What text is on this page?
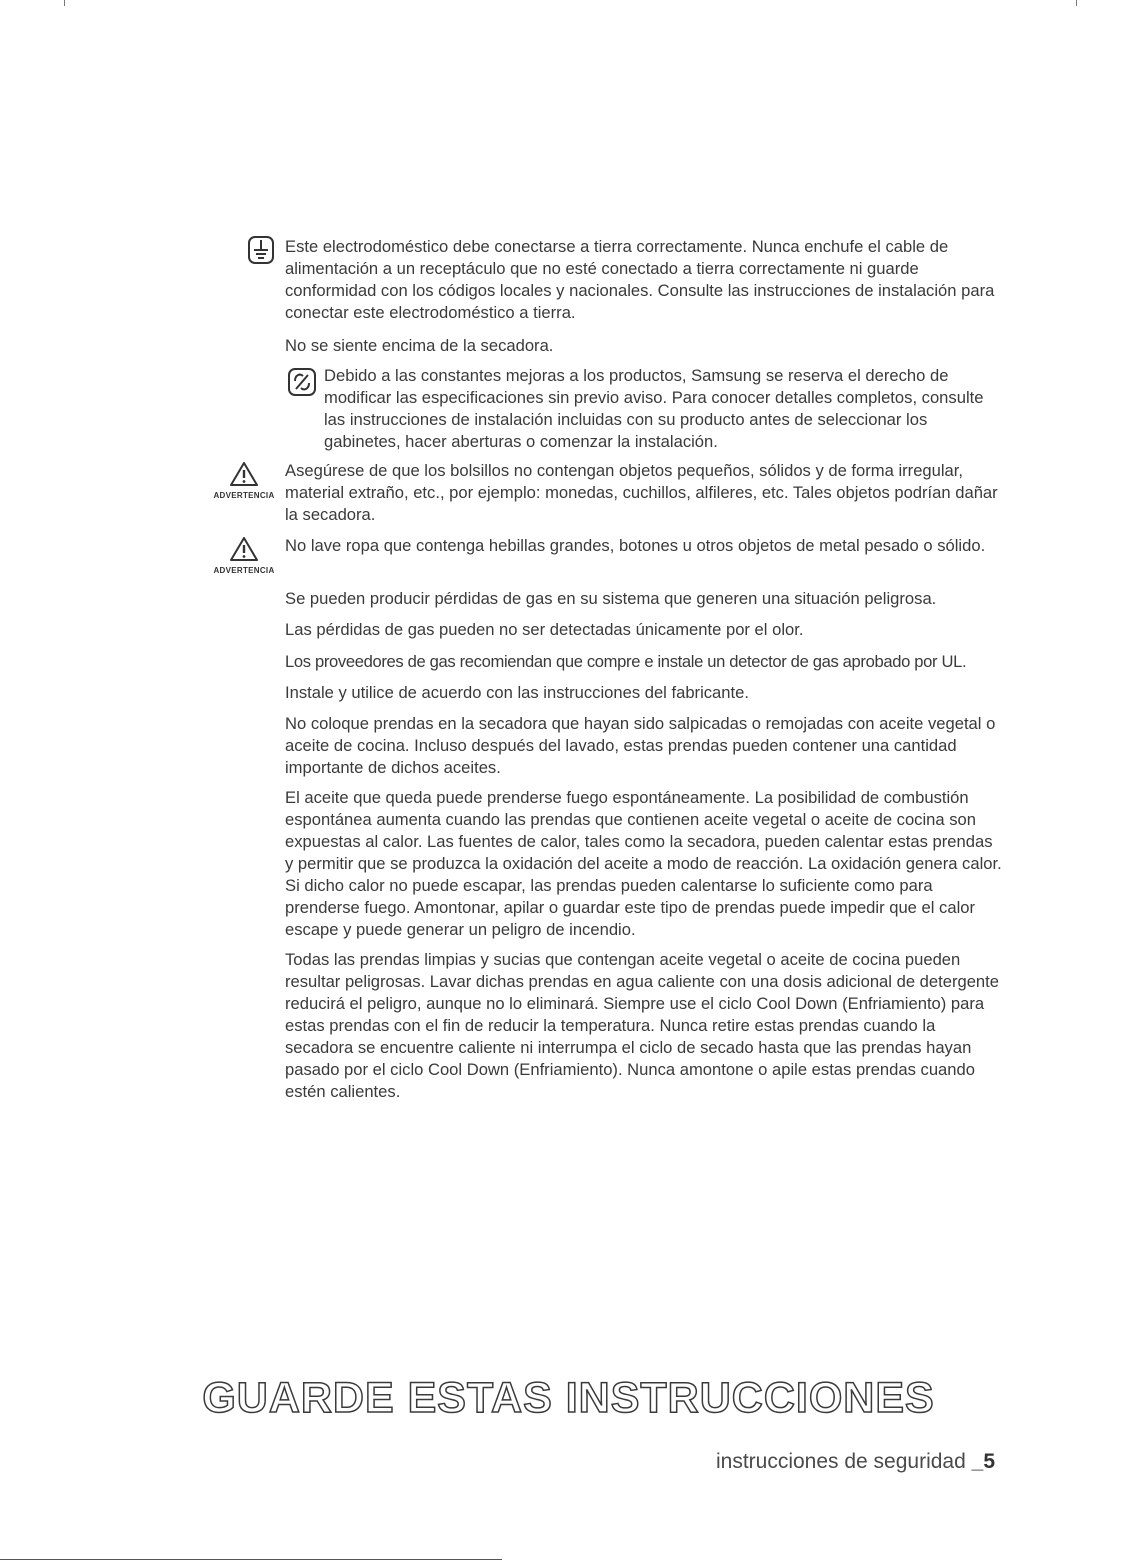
Este electrodoméstico debe conectarse a tierra correctamente. Nunca enchufe el cable de alimentación a un receptáculo que no esté conectado a tierra correctamente ni guarde conformidad con los códigos locales y nacionales. Consulte las instrucciones de instalación para conectar este electrodoméstico a tierra.

No se siente encima de la secadora.

Debido a las constantes mejoras a los productos, Samsung se reserva el derecho de modificar las especificaciones sin previo aviso. Para conocer detalles completos, consulte las instrucciones de instalación incluidas con su producto antes de seleccionar los gabinetes, hacer aberturas o comenzar la instalación.

ADVERTENCIA

Asegúrese de que los bolsillos no contengan objetos pequeños, sólidos y de forma irregular, material extraño, etc., por ejemplo: monedas, cuchillos, alfileres, etc. Tales objetos podrían dañar la secadora.

ADVERTENCIA

No lave ropa que contenga hebillas grandes, botones u otros objetos de metal pesado o sólido.

Se pueden producir pérdidas de gas en su sistema que generen una situación peligrosa.

Las pérdidas de gas pueden no ser detectadas únicamente por el olor.

Los proveedores de gas recomiendan que compre e instale un detector de gas aprobado por UL.

Instale y utilice de acuerdo con las instrucciones del fabricante.

No coloque prendas en la secadora que hayan sido salpicadas o remojadas con aceite vegetal o aceite de cocina. Incluso después del lavado, estas prendas pueden contener una cantidad importante de dichos aceites.

El aceite que queda puede prenderse fuego espontáneamente. La posibilidad de combustión espontánea aumenta cuando las prendas que contienen aceite vegetal o aceite de cocina son expuestas al calor. Las fuentes de calor, tales como la secadora, pueden calentar estas prendas y permitir que se produzca la oxidación del aceite a modo de reacción. La oxidación genera calor. Si dicho calor no puede escapar, las prendas pueden calentarse lo suficiente como para prenderse fuego. Amontonar, apilar o guardar este tipo de prendas puede impedir que el calor escape y puede generar un peligro de incendio.

Todas las prendas limpias y sucias que contengan aceite vegetal o aceite de cocina pueden resultar peligrosas. Lavar dichas prendas en agua caliente con una dosis adicional de detergente reducirá el peligro, aunque no lo eliminará. Siempre use el ciclo Cool Down (Enfriamiento) para estas prendas con el fin de reducir la temperatura. Nunca retire estas prendas cuando la secadora se encuentre caliente ni interrumpa el ciclo de secado hasta que las prendas hayan pasado por el ciclo Cool Down (Enfriamiento). Nunca amontone o apile estas prendas cuando estén calientes.

GUARDE ESTAS INSTRUCCIONES
instrucciones de seguridad _5
